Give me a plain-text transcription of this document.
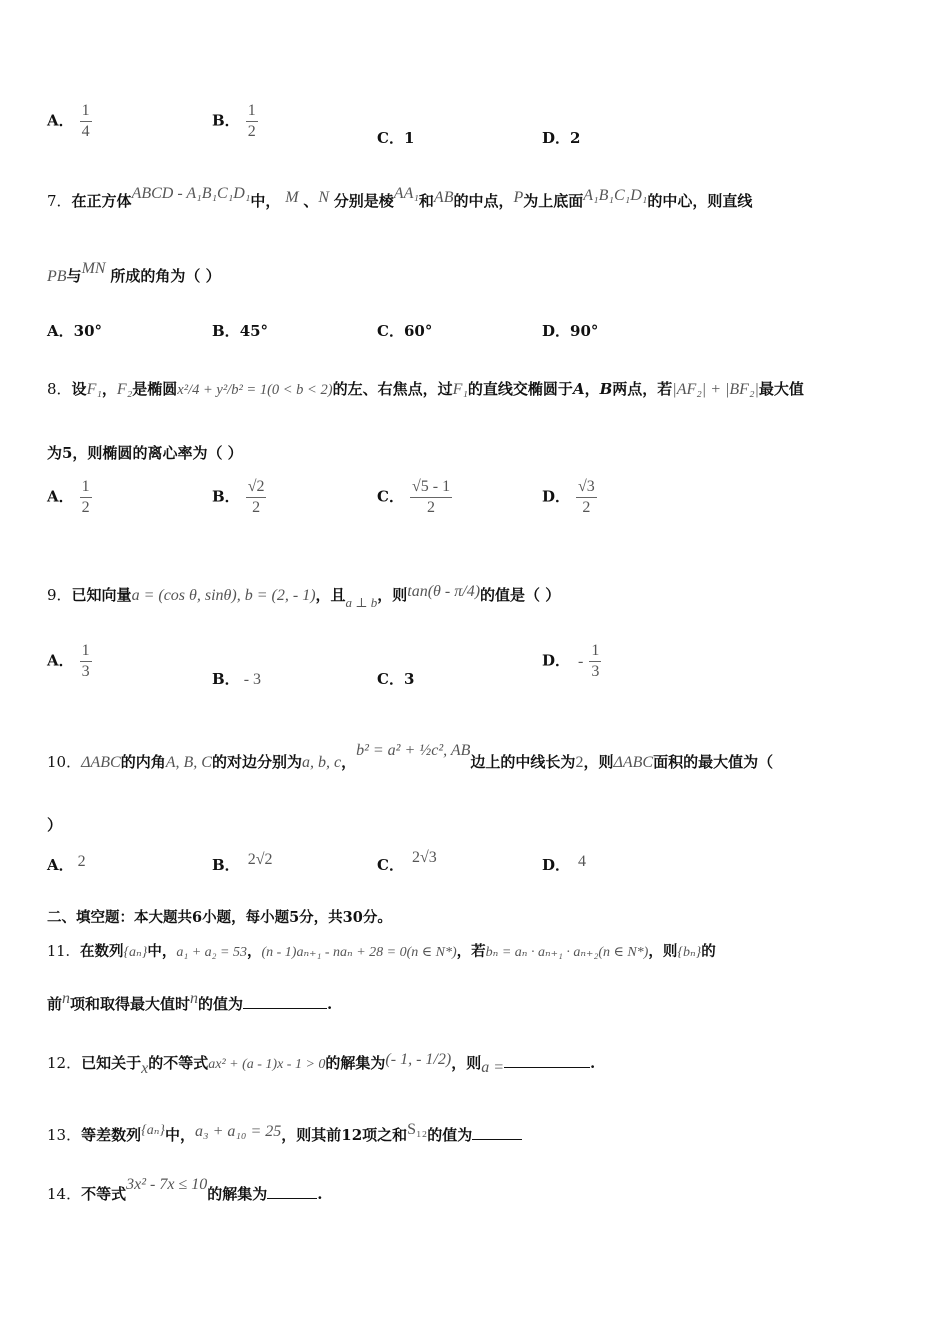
A． $\frac{1}{4}$	B． $\frac{1}{2}$	C．1	D．2
7．在正方体ABCD - A₁B₁C₁D₁中， M 、N 分别是棱AA₁和AB的中点，P为上底面A₁B₁C₁D₁的中心，则直线
PB与MN 所成的角为（ ）
A．30°	B．45°	C．60°	D．90°
8．设F₁，F₂是椭圆x²/4 + y²/b² = 1(0 < b < 2)的左、右焦点，过F₁的直线交椭圆于A，B两点，若|AF₂| + |BF₂|最大值
为5，则椭圆的离心率为（ ）
A． $\frac{1}{2}$	B． $\frac{√2}{2}$	C． $\frac{√5 - 1}{2}$	D． $\frac{√3}{2}$
9．已知向量a = (cos θ, sinθ), b = (2, - 1)，且a ⊥ b，则tan(θ - π/4)的值是（ ）
A． $\frac{1}{3}$	B． - 3	C．3
D． - $\frac{1}{3}$
10．ΔABC的内角A, B, C的对边分别为a, b, c，b² = a² + ½c², AB边上的中线长为2，则ΔABC面积的最大值为（
）
A． 2	B． 2√2	C． 2√3	D． 4
二、填空题：本大题共6小题，每小题5分，共30分。
11．在数列{aₙ}中，a₁ + a₂ = 53，(n - 1)aₙ₊₁ - naₙ + 28 = 0(n ∈ N*)，若bₙ = aₙ · aₙ₊₁ · aₙ₊₂(n ∈ N*)，则{bₙ}的
前n项和取得最大值时n的值为	.
12．已知关于x的不等式ax² + (a - 1)x - 1 > 0的解集为(- 1, - 1/2)，则a =	.
13．等差数列{aₙ}中，a₃ + a₁₀ = 25，则其前12项之和S₁₂的值为
14．不等式3x² - 7x ≤ 10的解集为	.
